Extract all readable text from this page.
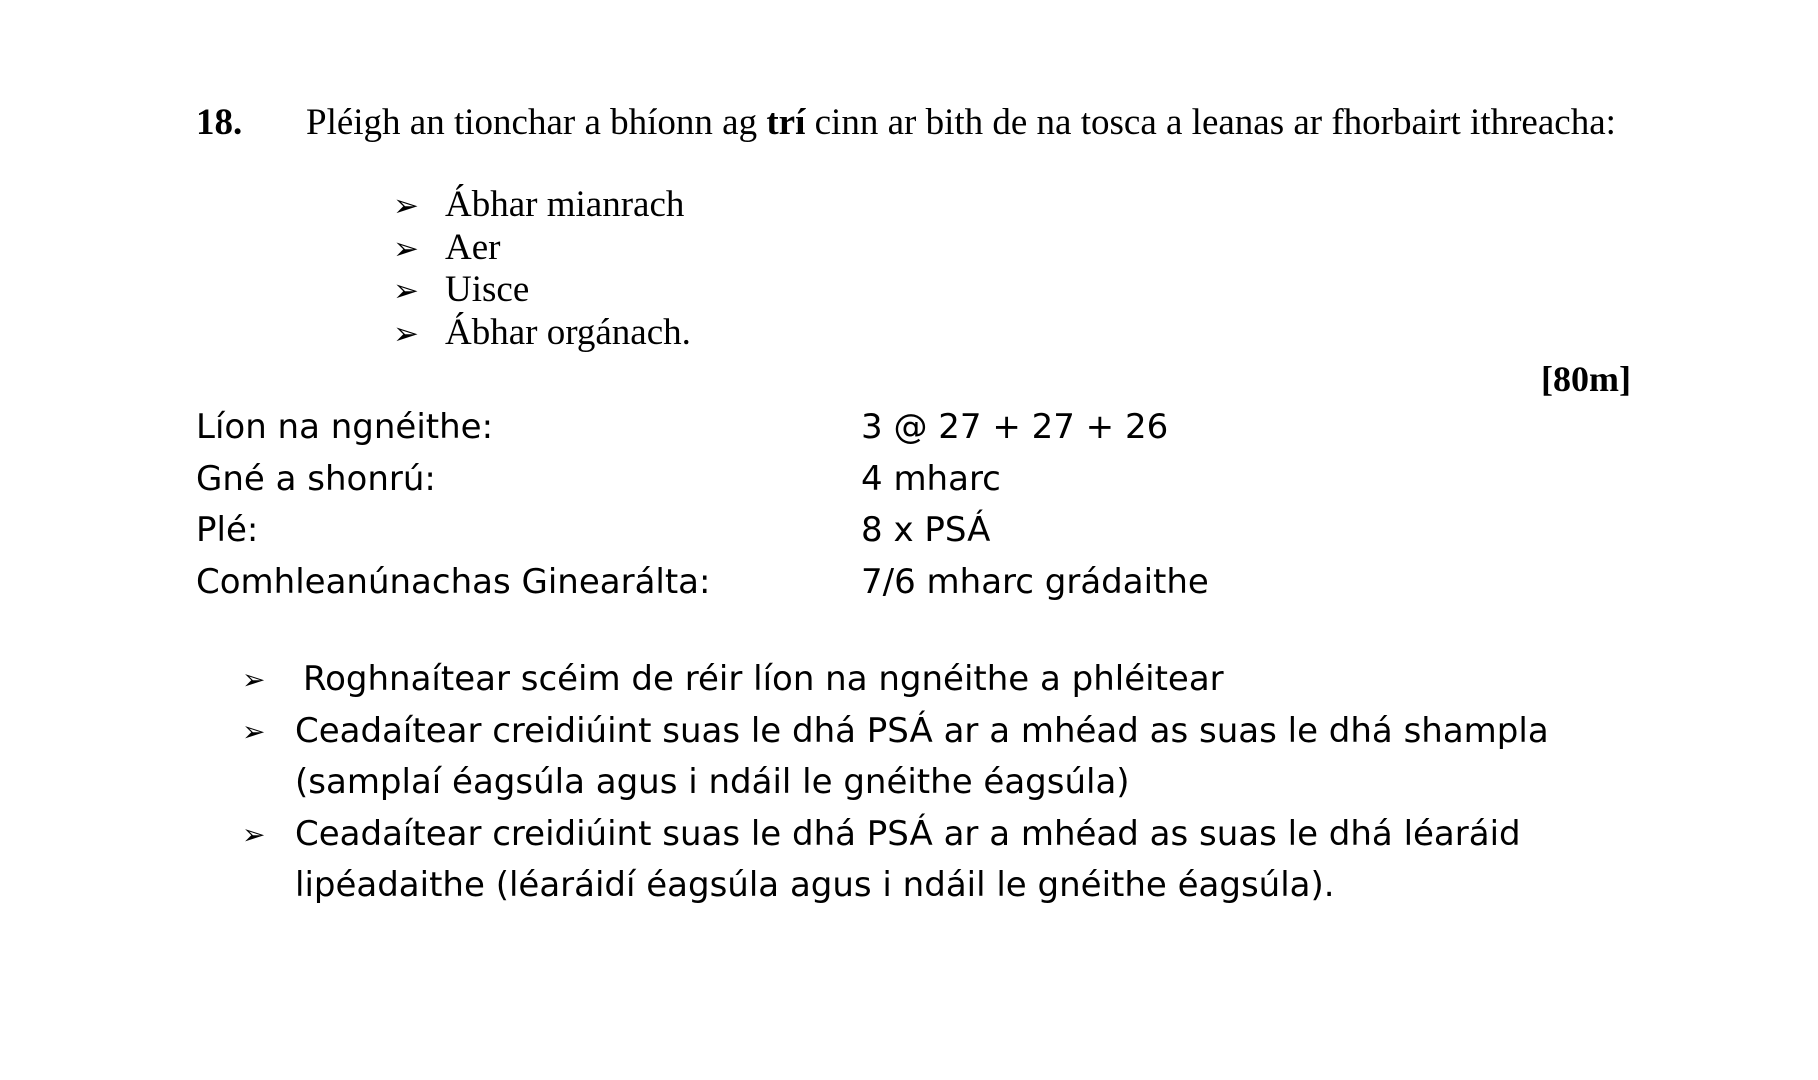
18. Pléigh an tionchar a bhíonn ag trí cinn ar bith de na tosca a leanas ar fhorbairt ithreacha:
➢ Ábhar mianrach
➢ Aer
➢ Uisce
➢ Ábhar orgánach.
[80m]
Líon na ngnéithe:	3 @ 27 + 27 + 26
Gné a shonrú:	4 mharc
Plé:	8 x PSÁ
Comhleanúnachas Ginearálta:	7/6 mharc grádaithe
➢ Roghnaítear scéim de réir líon na ngnéithe a phléitear
➢ Ceadaítear creidiúint suas le dhá PSÁ ar a mhéad as suas le dhá shampla (samplaí éagsúla agus i ndáil le gnéithe éagsúla)
➢ Ceadaítear creidiúint suas le dhá PSÁ ar a mhéad as suas le dhá léaráid lipéadaithe (léaráidí éagsúla agus i ndáil le gnéithe éagsúla).
